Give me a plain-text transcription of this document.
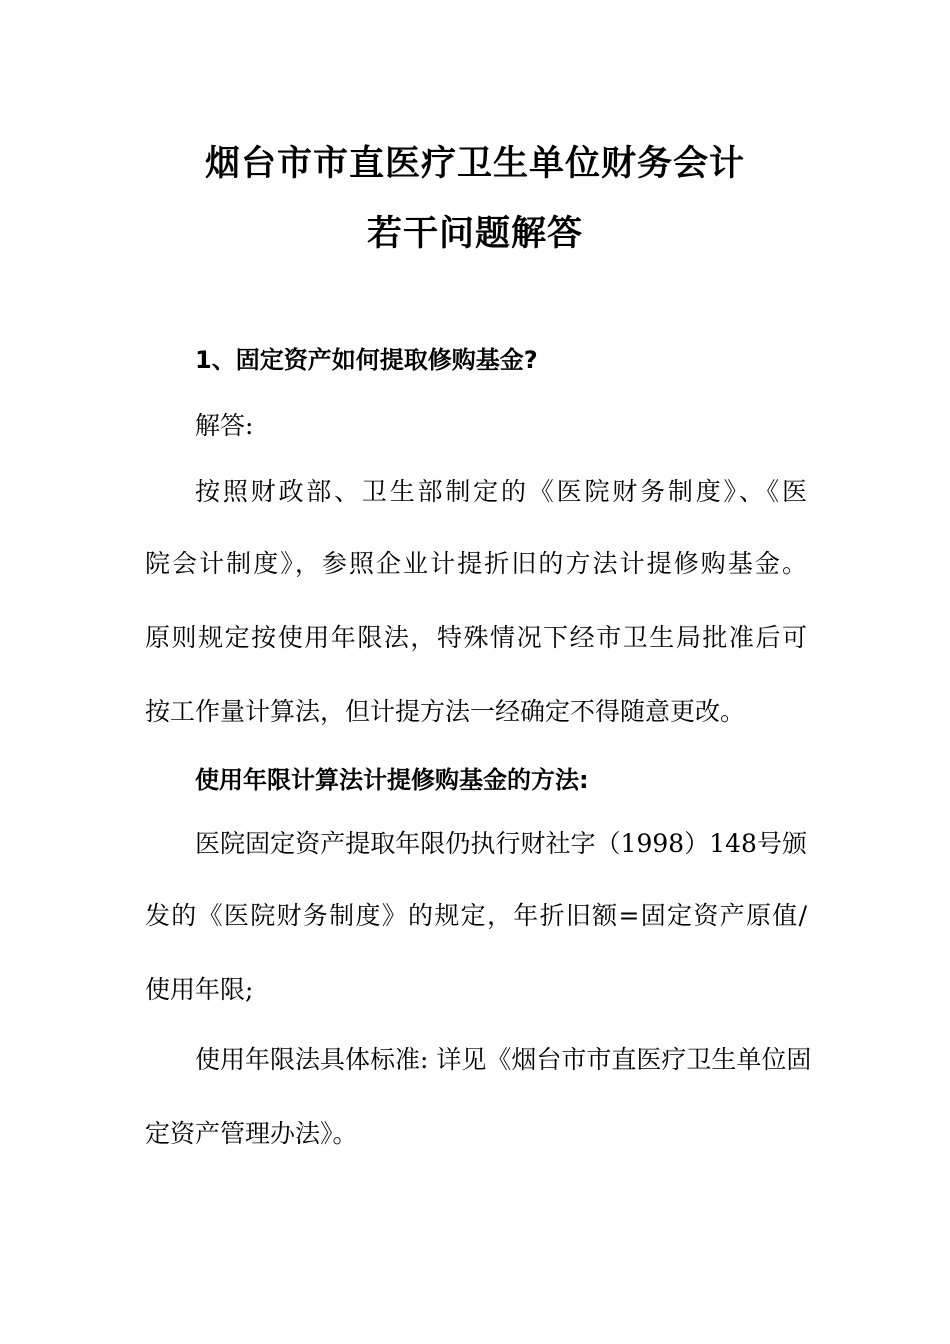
烟台市市直医疗卫生单位财务会计
若干问题解答
1、固定资产如何提取修购基金?
解答:
按照财政部、卫生部制定的《医院财务制度》、《医
院会计制度》，参照企业计提折旧的方法计提修购基金。
原则规定按使用年限法，特殊情况下经市卫生局批准后可
按工作量计算法，但计提方法一经确定不得随意更改。
使用年限计算法计提修购基金的方法:
医院固定资产提取年限仍执行财社字（1998）148号颁
发的《医院财务制度》的规定，年折旧额=固定资产原值/
使用年限;
使用年限法具体标准: 详见《烟台市市直医疗卫生单位固
定资产管理办法》。
